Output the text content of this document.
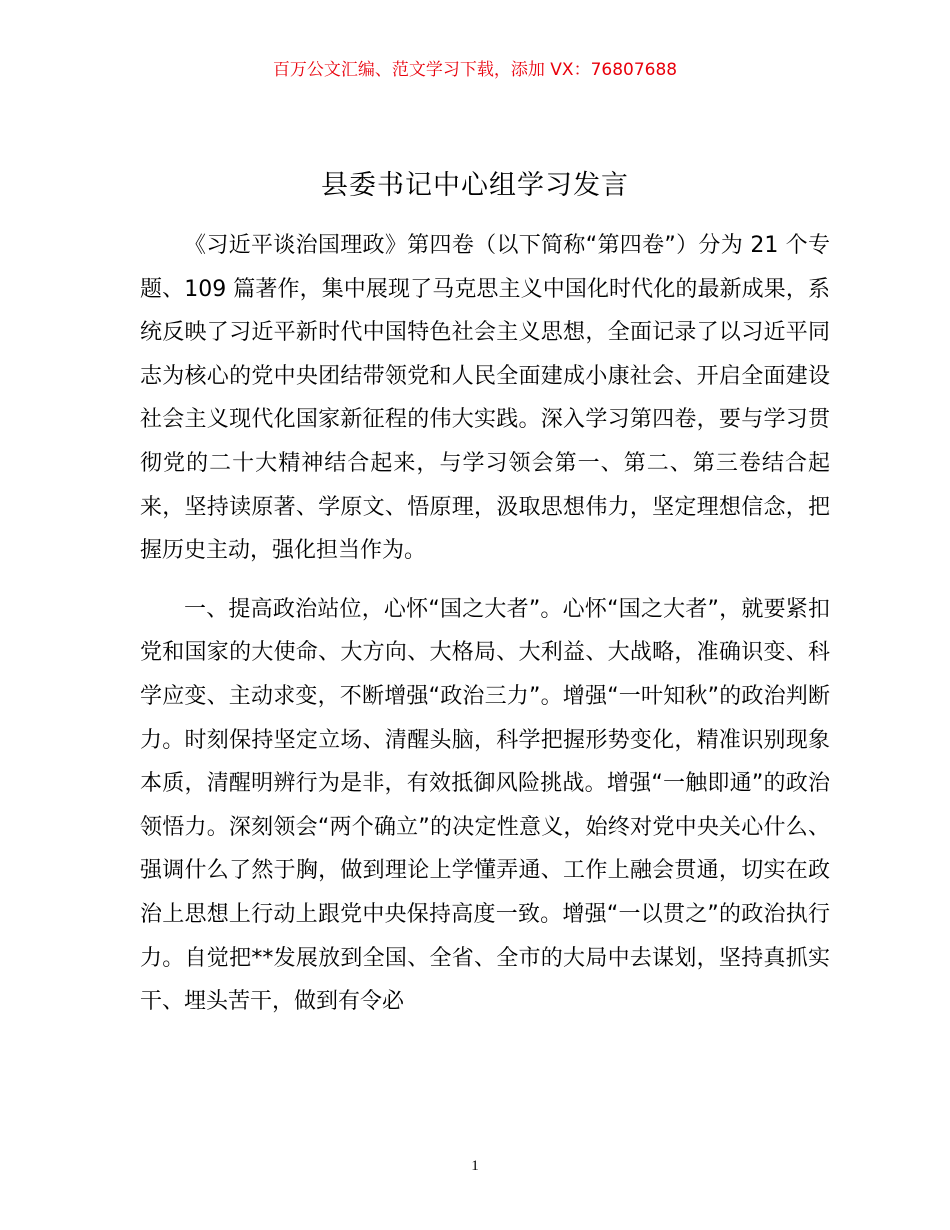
百万公文汇编、范文学习下载，添加 VX：76807688
县委书记中心组学习发言

《习近平谈治国理政》第四卷（以下简称“第四卷”）分为 21 个专题、109 篇著作，集中展现了马克思主义中国化时代化的最新成果，系统反映了习近平新时代中国特色社会主义思想，全面记录了以习近平同志为核心的党中央团结带领党和人民全面建成小康社会、开启全面建设社会主义现代化国家新征程的伟大实践。深入学习第四卷，要与学习贯彻党的二十大精神结合起来，与学习领会第一、第二、第三卷结合起来，坚持读原著、学原文、悟原理，汲取思想伟力，坚定理想信念，把握历史主动，强化担当作为。

一、提高政治站位，心怀“国之大者”。心怀“国之大者”，就要紧扣党和国家的大使命、大方向、大格局、大利益、大战略，准确识变、科学应变、主动求变，不断增强“政治三力”。增强“一叶知秋”的政治判断力。时刻保持坚定立场、清醒头脑，科学把握形势变化，精准识别现象本质，清醒明辨行为是非，有效抵御风险挑战。增强“一触即通”的政治领悟力。深刻领会“两个确立”的决定性意义，始终对党中央关心什么、强调什么了然于胸，做到理论上学懂弄通、工作上融会贯通，切实在政治上思想上行动上跟党中央保持高度一致。增强“一以贯之”的政治执行力。自觉把**发展放到全国、全省、全市的大局中去谋划，坚持真抓实干、埋头苦干，做到有令必

1
